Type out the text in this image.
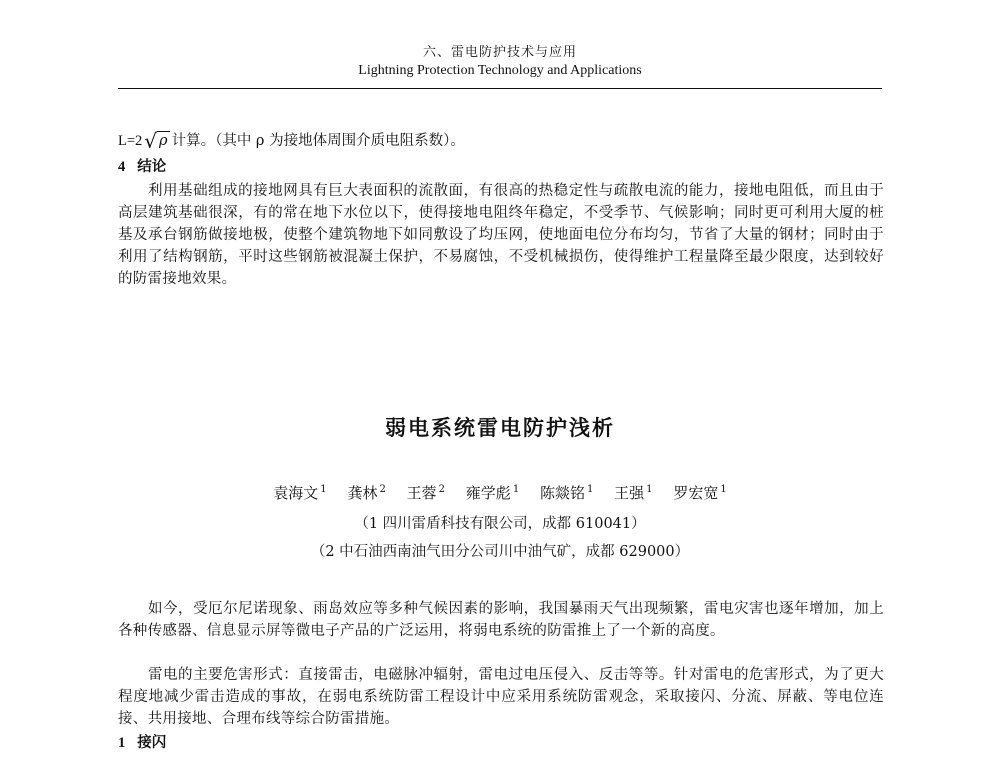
六、雷电防护技术与应用
Lightning Protection Technology and Applications
L=2 √ ρ 计算。（其中 ρ 为接地体周围介质电阻系数）。
4 结论
利用基础组成的接地网具有巨大表面积的流散面，有很高的热稳定性与疏散电流的能力，接地电阻低，而且由于高层建筑基础很深，有的常在地下水位以下，使得接地电阻终年稳定，不受季节、气候影响；同时更可利用大厦的桩基及承台钢筋做接地极，使整个建筑物地下如同敷设了均压网，使地面电位分布均匀，节省了大量的钢材；同时由于利用了结构钢筋，平时这些钢筋被混凝土保护，不易腐蚀，不受机械损伤，使得维护工程量降至最少限度，达到较好的防雷接地效果。
弱电系统雷电防护浅析
袁海文 $^1$ 龚林 $^2$ 王蓉 $^2$ 雍学彪 $^1$ 陈燚铭 $^1$ 王强 $^1$ 罗宏宽 $^1$
（1 四川雷盾科技有限公司，成都 610041）
（2 中石油西南油气田分公司川中油气矿，成都 629000）
如今，受厄尔尼诺现象、雨岛效应等多种气候因素的影响，我国暴雨天气出现频繁，雷电灾害也逐年增加，加上各种传感器、信息显示屏等微电子产品的广泛运用，将弱电系统的防雷推上了一个新的高度。
雷电的主要危害形式：直接雷击，电磁脉冲辐射，雷电过电压侵入、反击等等。针对雷电的危害形式，为了更大程度地减少雷击造成的事故，在弱电系统防雷工程设计中应采用系统防雷观念，采取接闪、分流、屏蔽、等电位连接、共用接地、合理布线等综合防雷措施。
1 接闪
